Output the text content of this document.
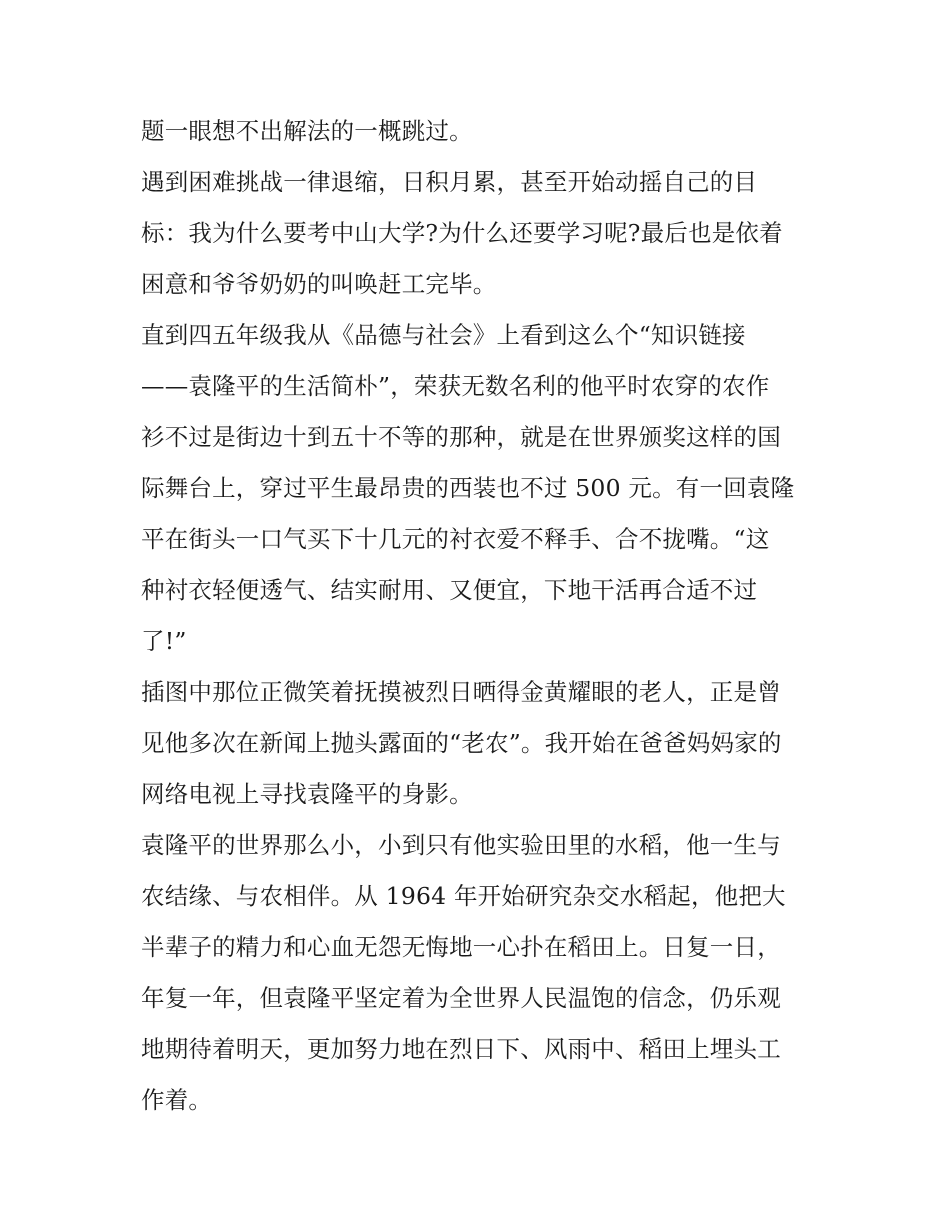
题一眼想不出解法的一概跳过。
遇到困难挑战一律退缩，日积月累，甚至开始动摇自己的目
标：我为什么要考中山大学?为什么还要学习呢?最后也是依着
困意和爷爷奶奶的叫唤赶工完毕。
直到四五年级我从《品德与社会》上看到这么个“知识链接
——袁隆平的生活简朴”，荣获无数名利的他平时农穿的农作
衫不过是街边十到五十不等的那种，就是在世界颁奖这样的国
际舞台上，穿过平生最昂贵的西装也不过 500 元。有一回袁隆
平在街头一口气买下十几元的衬衣爱不释手、合不拢嘴。“这
种衬衣轻便透气、结实耐用、又便宜，下地干活再合适不过
了!”
插图中那位正微笑着抚摸被烈日晒得金黄耀眼的老人，正是曾
见他多次在新闻上抛头露面的“老农”。我开始在爸爸妈妈家的
网络电视上寻找袁隆平的身影。
袁隆平的世界那么小，小到只有他实验田里的水稻，他一生与
农结缘、与农相伴。从 1964 年开始研究杂交水稻起，他把大
半辈子的精力和心血无怨无悔地一心扑在稻田上。日复一日，
年复一年，但袁隆平坚定着为全世界人民温饱的信念，仍乐观
地期待着明天，更加努力地在烈日下、风雨中、稻田上埋头工
作着。
